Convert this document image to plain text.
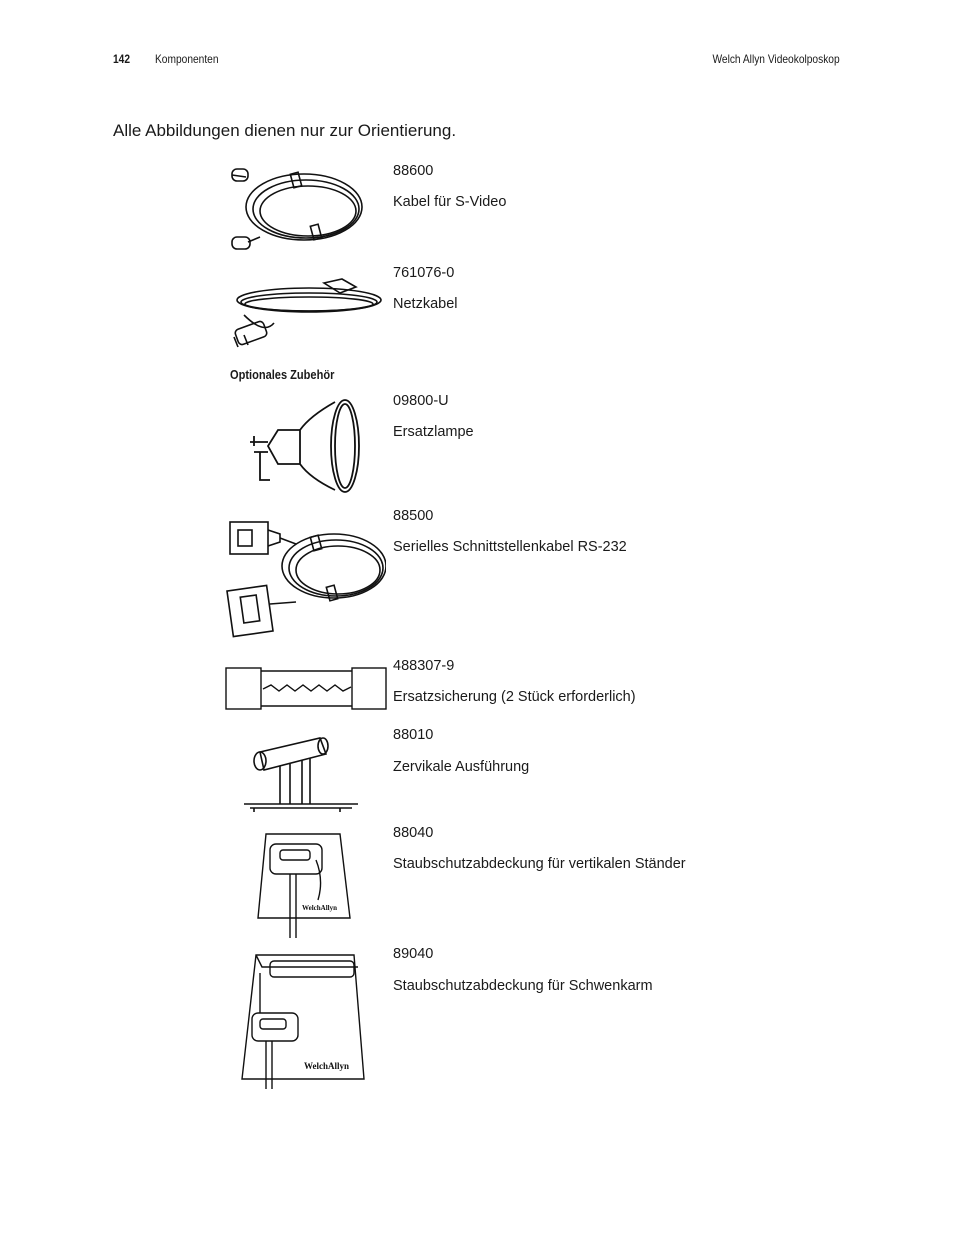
142 Komponenten	Welch Allyn Videokolposkop
Alle Abbildungen dienen nur zur Orientierung.
88600
Kabel für S-Video
761076-0
Netzkabel
Optionales Zubehör
09800-U
Ersatzlampe
88500
Serielles Schnittstellenkabel RS-232
488307-9
Ersatzsicherung (2 Stück erforderlich)
88010
Zervikale Ausführung
WelchAllyn
88040
Staubschutzabdeckung für vertikalen Ständer
WelchAllyn
89040
Staubschutzabdeckung für Schwenkarm
